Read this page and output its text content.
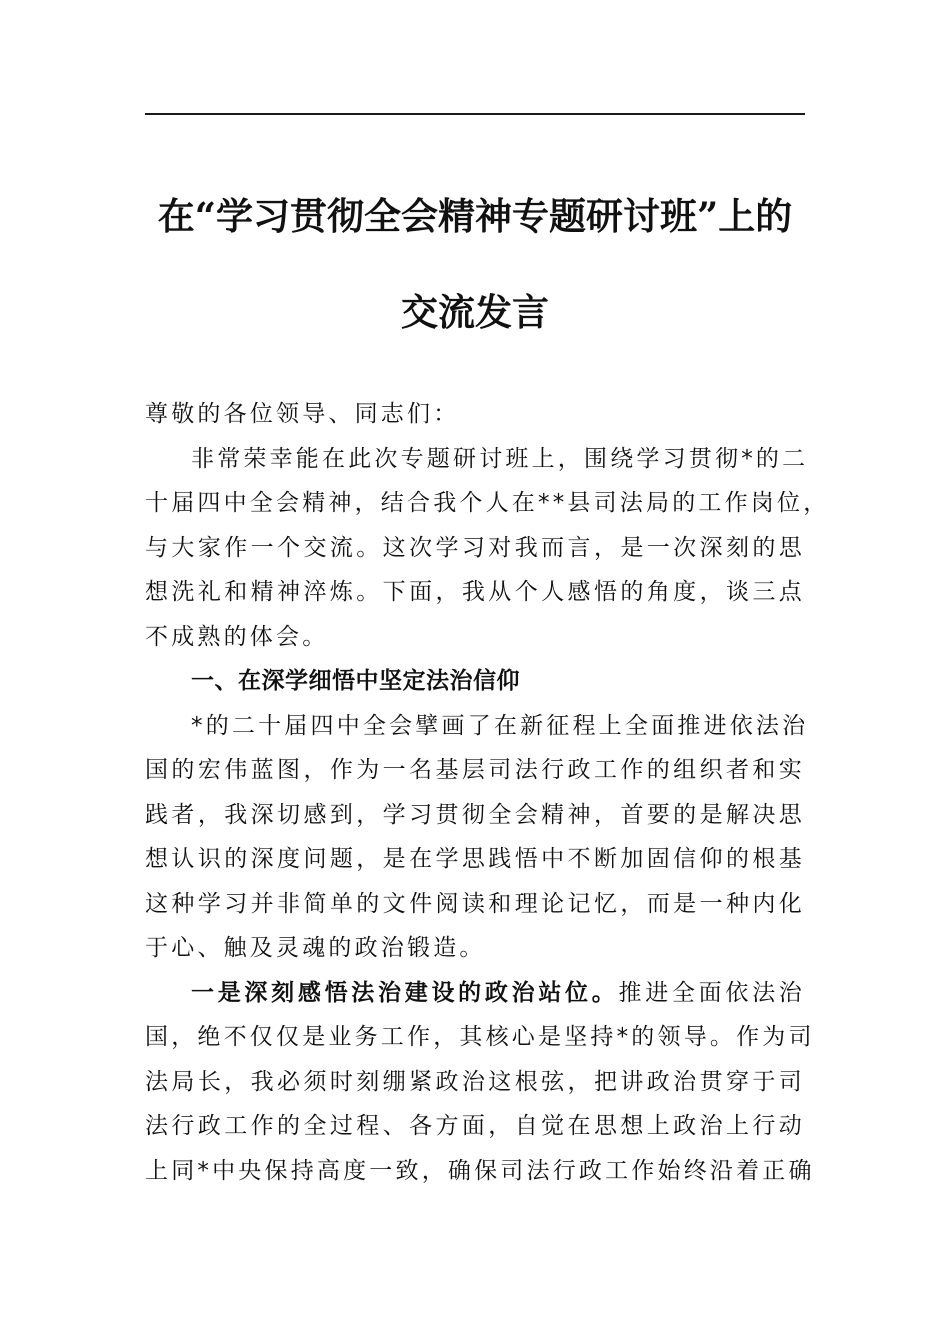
在“学习贯彻全会精神专题研讨班”上的
交流发言
尊敬的各位领导、同志们：
非常荣幸能在此次专题研讨班上，围绕学习贯彻*的二
十届四中全会精神，结合我个人在**县司法局的工作岗位，
与大家作一个交流。这次学习对我而言，是一次深刻的思
想洗礼和精神淬炼。下面，我从个人感悟的角度，谈三点
不成熟的体会。
一、在深学细悟中坚定法治信仰
*的二十届四中全会擘画了在新征程上全面推进依法治
国的宏伟蓝图，作为一名基层司法行政工作的组织者和实
践者，我深切感到，学习贯彻全会精神，首要的是解决思
想认识的深度问题，是在学思践悟中不断加固信仰的根基
这种学习并非简单的文件阅读和理论记忆，而是一种内化
于心、触及灵魂的政治锻造。
一是深刻感悟法治建设的政治站位。推进全面依法治
国，绝不仅仅是业务工作，其核心是坚持*的领导。作为司
法局长，我必须时刻绷紧政治这根弦，把讲政治贯穿于司
法行政工作的全过程、各方面，自觉在思想上政治上行动
上同*中央保持高度一致，确保司法行政工作始终沿着正确
